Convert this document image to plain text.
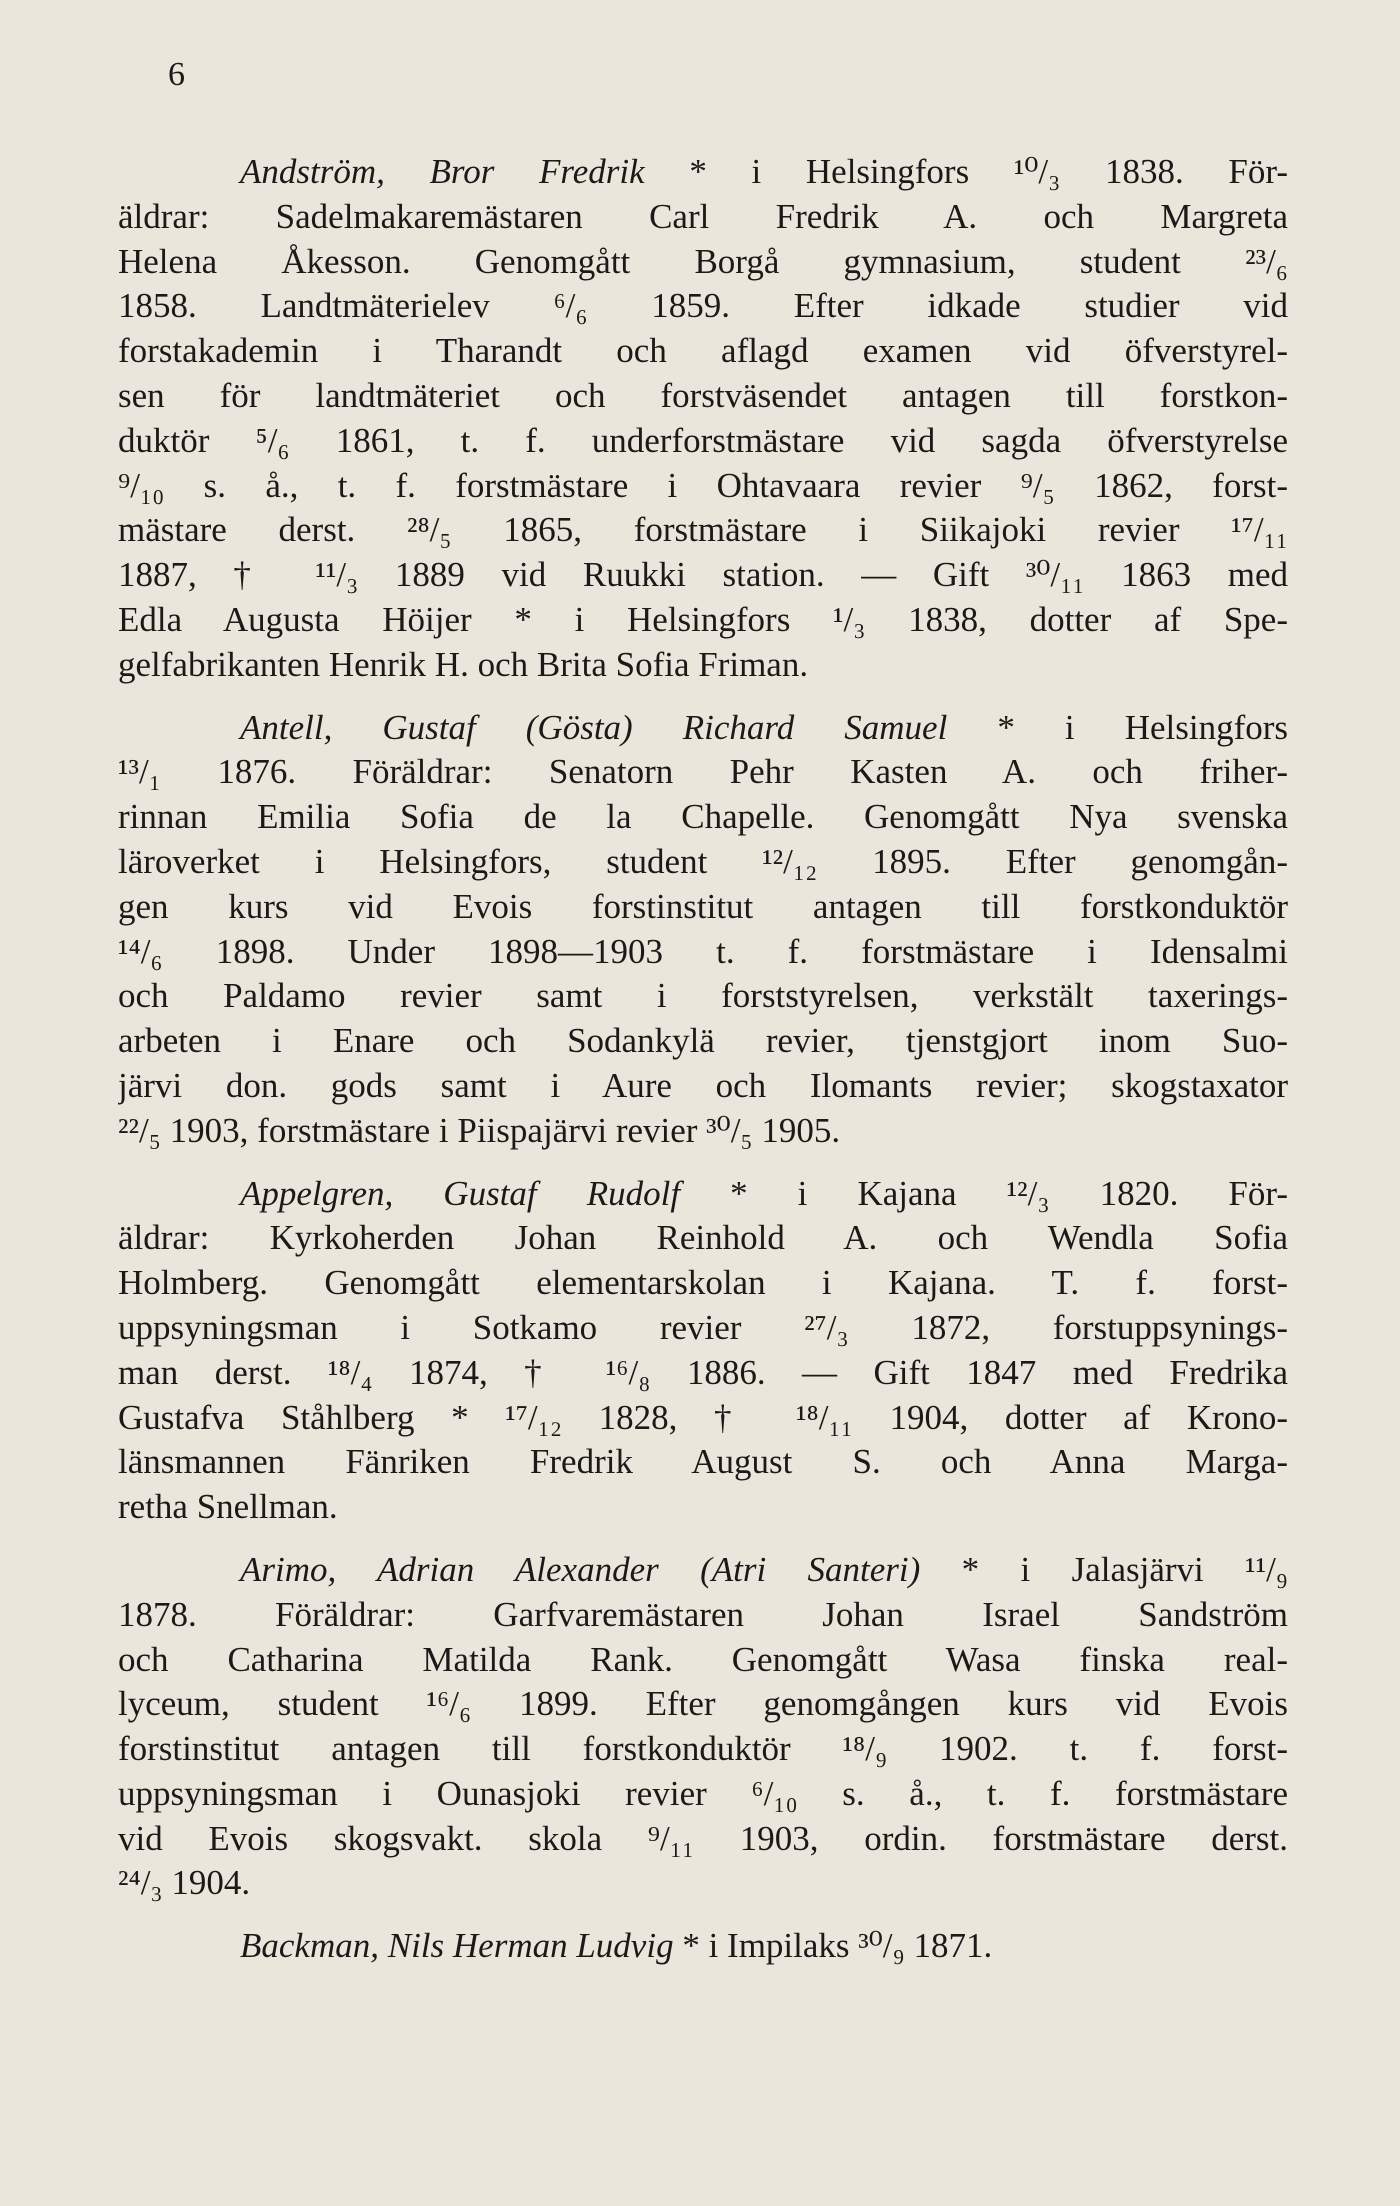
6
Andström, Bror Fredrik * i Helsingfors ¹⁰/₃ 1838. För-
äldrar: Sadelmakaremästaren Carl Fredrik A. och Margreta
Helena Åkesson. Genomgått Borgå gymnasium, student ²³/₆
1858. Landtmäterielev ⁶/₆ 1859. Efter idkade studier vid
forstakademin i Tharandt och aflagd examen vid öfverstyrel-
sen för landtmäteriet och forstväsendet antagen till forstkon-
duktör ⁵/₆ 1861, t. f. underforstmästare vid sagda öfverstyrelse
⁹/₁₀ s. å., t. f. forstmästare i Ohtavaara revier ⁹/₅ 1862, forst-
mästare derst. ²⁸/₅ 1865, forstmästare i Siikajoki revier ¹⁷/₁₁
1887, † ¹¹/₃ 1889 vid Ruukki station. — Gift ³⁰/₁₁ 1863 med
Edla Augusta Höijer * i Helsingfors ¹/₃ 1838, dotter af Spe-
gelfabrikanten Henrik H. och Brita Sofia Friman.
Antell, Gustaf (Gösta) Richard Samuel * i Helsingfors
¹³/₁ 1876. Föräldrar: Senatorn Pehr Kasten A. och friher-
rinnan Emilia Sofia de la Chapelle. Genomgått Nya svenska
läroverket i Helsingfors, student ¹²/₁₂ 1895. Efter genomgån-
gen kurs vid Evois forstinstitut antagen till forstkonduktör
¹⁴/₆ 1898. Under 1898—1903 t. f. forstmästare i Idensalmi
och Paldamo revier samt i forststyrelsen, verkstält taxerings-
arbeten i Enare och Sodankylä revier, tjenstgjort inom Suo-
järvi don. gods samt i Aure och Ilomants revier; skogstaxator
²²/₅ 1903, forstmästare i Piispajärvi revier ³⁰/₅ 1905.
Appelgren, Gustaf Rudolf * i Kajana ¹²/₃ 1820. För-
äldrar: Kyrkoherden Johan Reinhold A. och Wendla Sofia
Holmberg. Genomgått elementarskolan i Kajana. T. f. forst-
uppsyningsman i Sotkamo revier ²⁷/₃ 1872, forstuppsynings-
man derst. ¹⁸/₄ 1874, † ¹⁶/₈ 1886. — Gift 1847 med Fredrika
Gustafva Ståhlberg * ¹⁷/₁₂ 1828, † ¹⁸/₁₁ 1904, dotter af Krono-
länsmannen Fänriken Fredrik August S. och Anna Marga-
retha Snellman.
Arimo, Adrian Alexander (Atri Santeri) * i Jalasjärvi ¹¹/₉
1878. Föräldrar: Garfvaremästaren Johan Israel Sandström
och Catharina Matilda Rank. Genomgått Wasa finska real-
lyceum, student ¹⁶/₆ 1899. Efter genomgången kurs vid Evois
forstinstitut antagen till forstkonduktör ¹⁸/₉ 1902. t. f. forst-
uppsyningsman i Ounasjoki revier ⁶/₁₀ s. å., t. f. forstmästare
vid Evois skogsvakt. skola ⁹/₁₁ 1903, ordin. forstmästare derst.
²⁴/₃ 1904.
Backman, Nils Herman Ludvig * i Impilaks ³⁰/₉ 1871.
